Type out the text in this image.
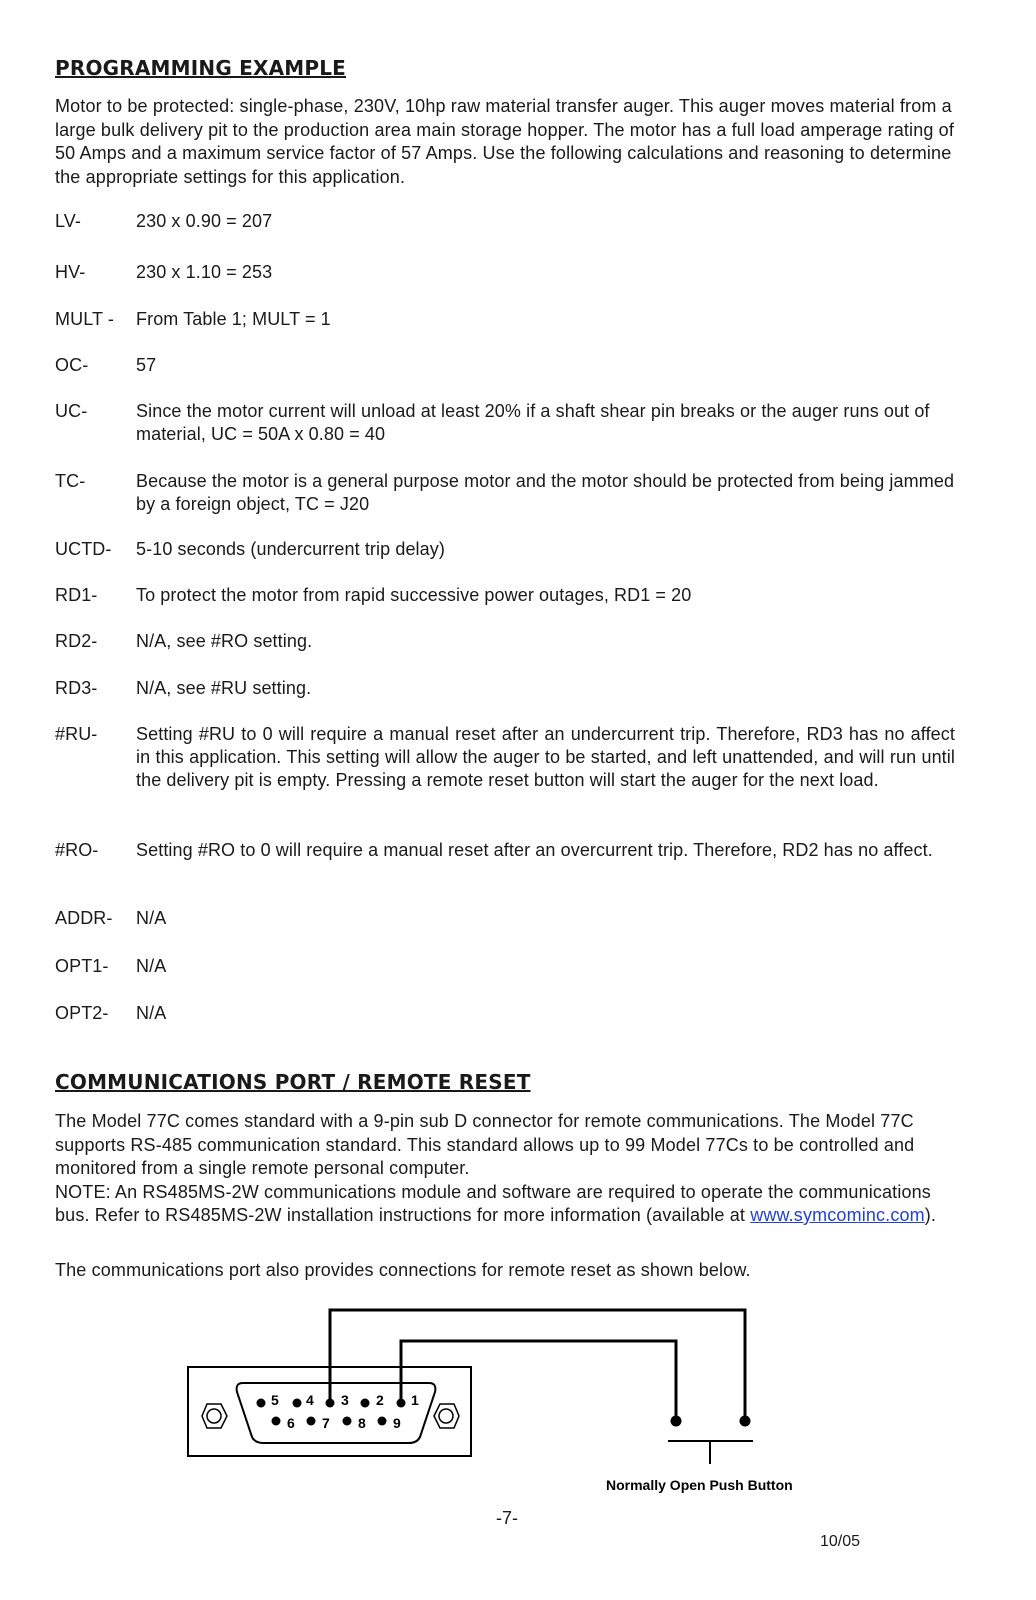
PROGRAMMING EXAMPLE

Motor to be protected: single-phase, 230V, 10hp raw material transfer auger. This auger moves material from a large bulk delivery pit to the production area main storage hopper. The motor has a full load amperage rating of 50 Amps and a maximum service factor of 57 Amps. Use the following calculations and reasoning to determine the appropriate settings for this application.

LV-	230 x 0.90 = 207
HV-	230 x 1.10 = 253
MULT -	From Table 1; MULT = 1
OC-	57
UC-	Since the motor current will unload at least 20% if a shaft shear pin breaks or the auger runs out of material, UC = 50A x 0.80 = 40
TC-	Because the motor is a general purpose motor and the motor should be protected from being jammed by a foreign object, TC = J20
UCTD-	5-10 seconds (undercurrent trip delay)
RD1-	To protect the motor from rapid successive power outages, RD1 = 20
RD2-	N/A, see #RO setting.
RD3-	N/A, see #RU setting.
#RU-	Setting #RU to 0 will require a manual reset after an undercurrent trip. Therefore, RD3 has no affect in this application. This setting will allow the auger to be started, and left unattended, and will run until the delivery pit is empty. Pressing a remote reset button will start the auger for the next load.
#RO-	Setting #RO to 0 will require a manual reset after an overcurrent trip. Therefore, RD2 has no affect.
ADDR-	N/A
OPT1-	N/A
OPT2-	N/A
COMMUNICATIONS PORT / REMOTE RESET

The Model 77C comes standard with a 9-pin sub D connector for remote communications. The Model 77C supports RS-485 communication standard. This standard allows up to 99 Model 77Cs to be controlled and monitored from a single remote personal computer.
NOTE: An RS485MS-2W communications module and software are required to operate the communications bus. Refer to RS485MS-2W installation instructions for more information (available at www.symcominc.com).

The communications port also provides connections for remote reset as shown below.

5 4 3 2 1
6 7 8 9
Normally Open Push Button
-7-
10/05
